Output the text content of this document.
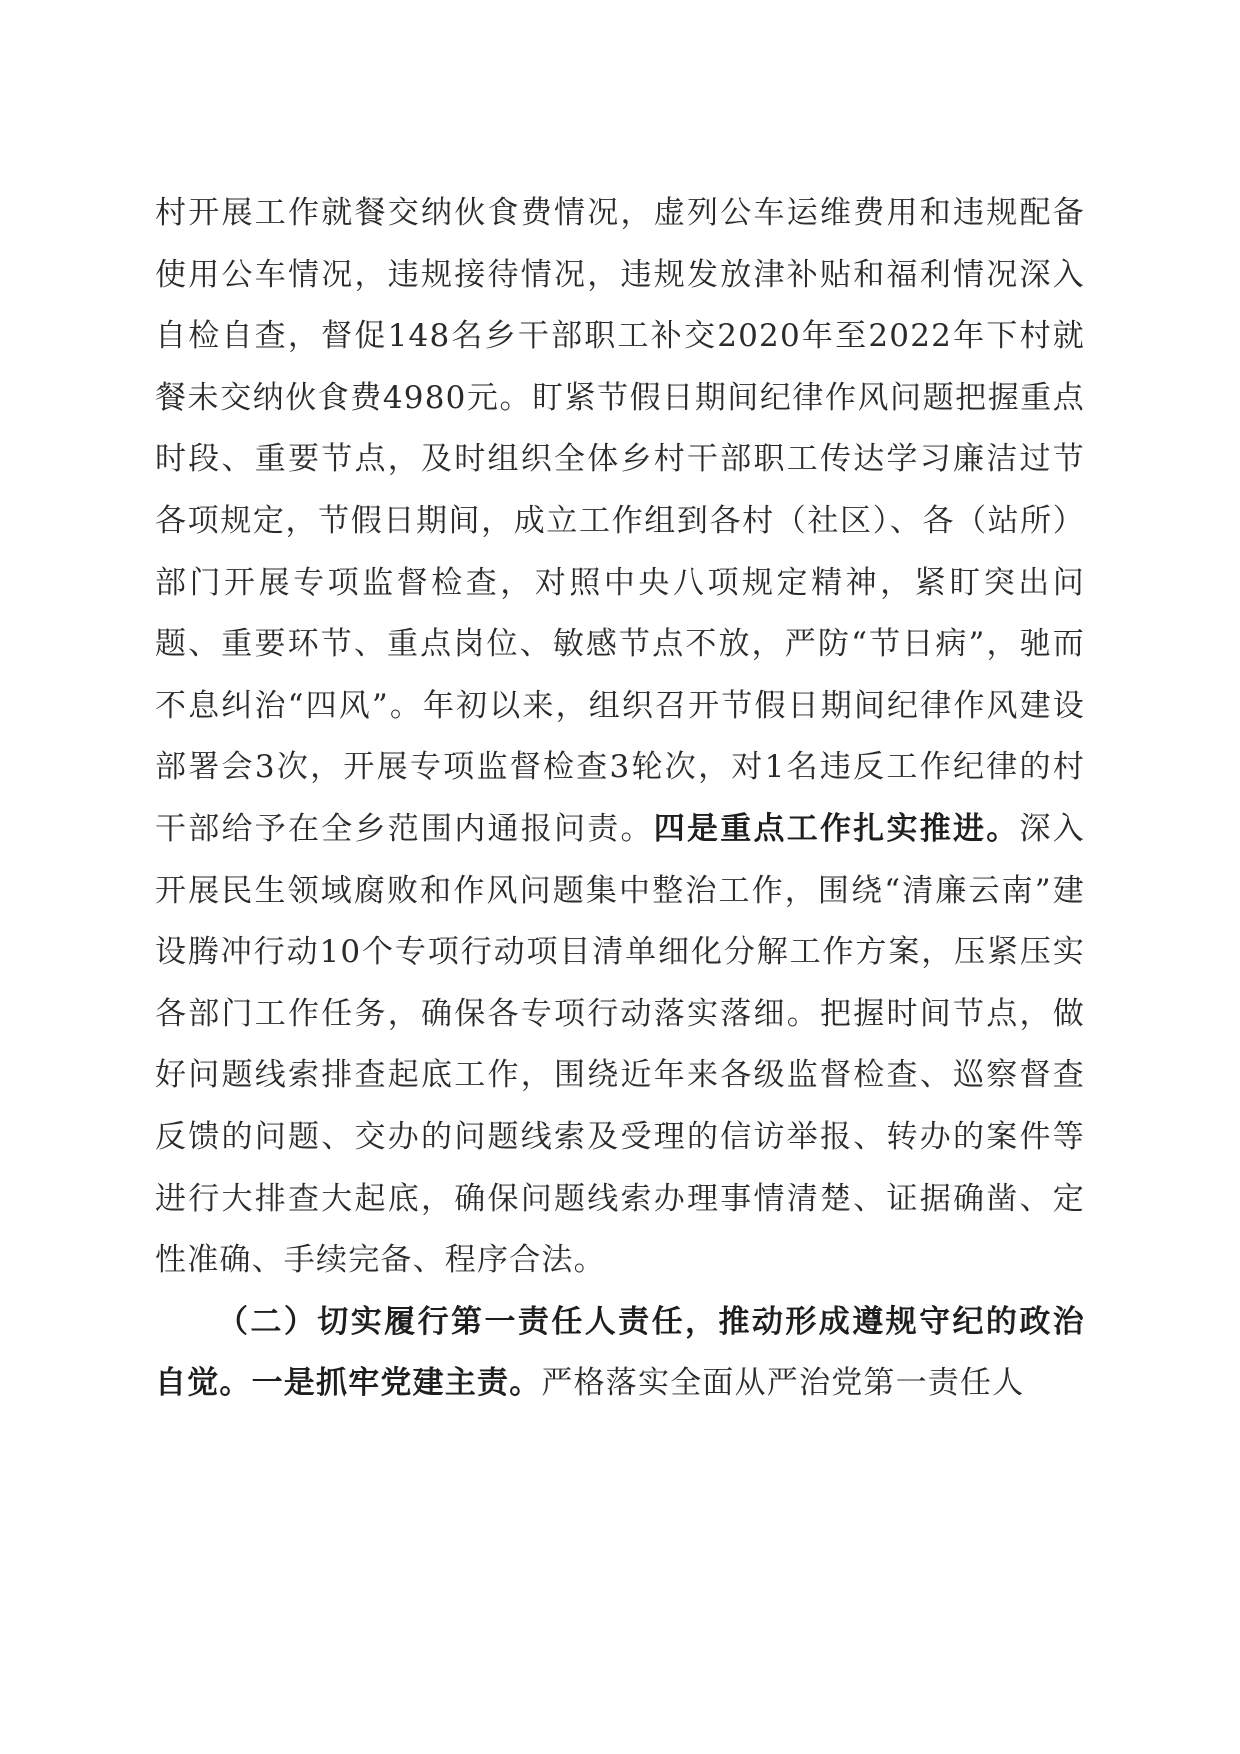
村开展工作就餐交纳伙食费情况，虚列公车运维费用和违规配备使用公车情况，违规接待情况，违规发放津补贴和福利情况深入自检自查，督促148名乡干部职工补交2020年至2022年下村就餐未交纳伙食费4980元。盯紧节假日期间纪律作风问题把握重点时段、重要节点，及时组织全体乡村干部职工传达学习廉洁过节各项规定，节假日期间，成立工作组到各村（社区）、各（站所）部门开展专项监督检查，对照中央八项规定精神，紧盯突出问题、重要环节、重点岗位、敏感节点不放，严防“节日病”，驰而不息纠治“四风”。年初以来，组织召开节假日期间纪律作风建设部署会3次，开展专项监督检查3轮次，对1名违反工作纪律的村干部给予在全乡范围内通报问责。四是重点工作扎实推进。深入开展民生领域腐败和作风问题集中整治工作，围绕“清廉云南”建设腾冲行动10个专项行动项目清单细化分解工作方案，压紧压实各部门工作任务，确保各专项行动落实落细。把握时间节点，做好问题线索排查起底工作，围绕近年来各级监督检查、巡察督查反馈的问题、交办的问题线索及受理的信访举报、转办的案件等进行大排查大起底，确保问题线索办理事情清楚、证据确凿、定性准确、手续完备、程序合法。

（二）切实履行第一责任人责任，推动形成遵规守纪的政治自觉。一是抓牢党建主责。严格落实全面从严治党第一责任人
